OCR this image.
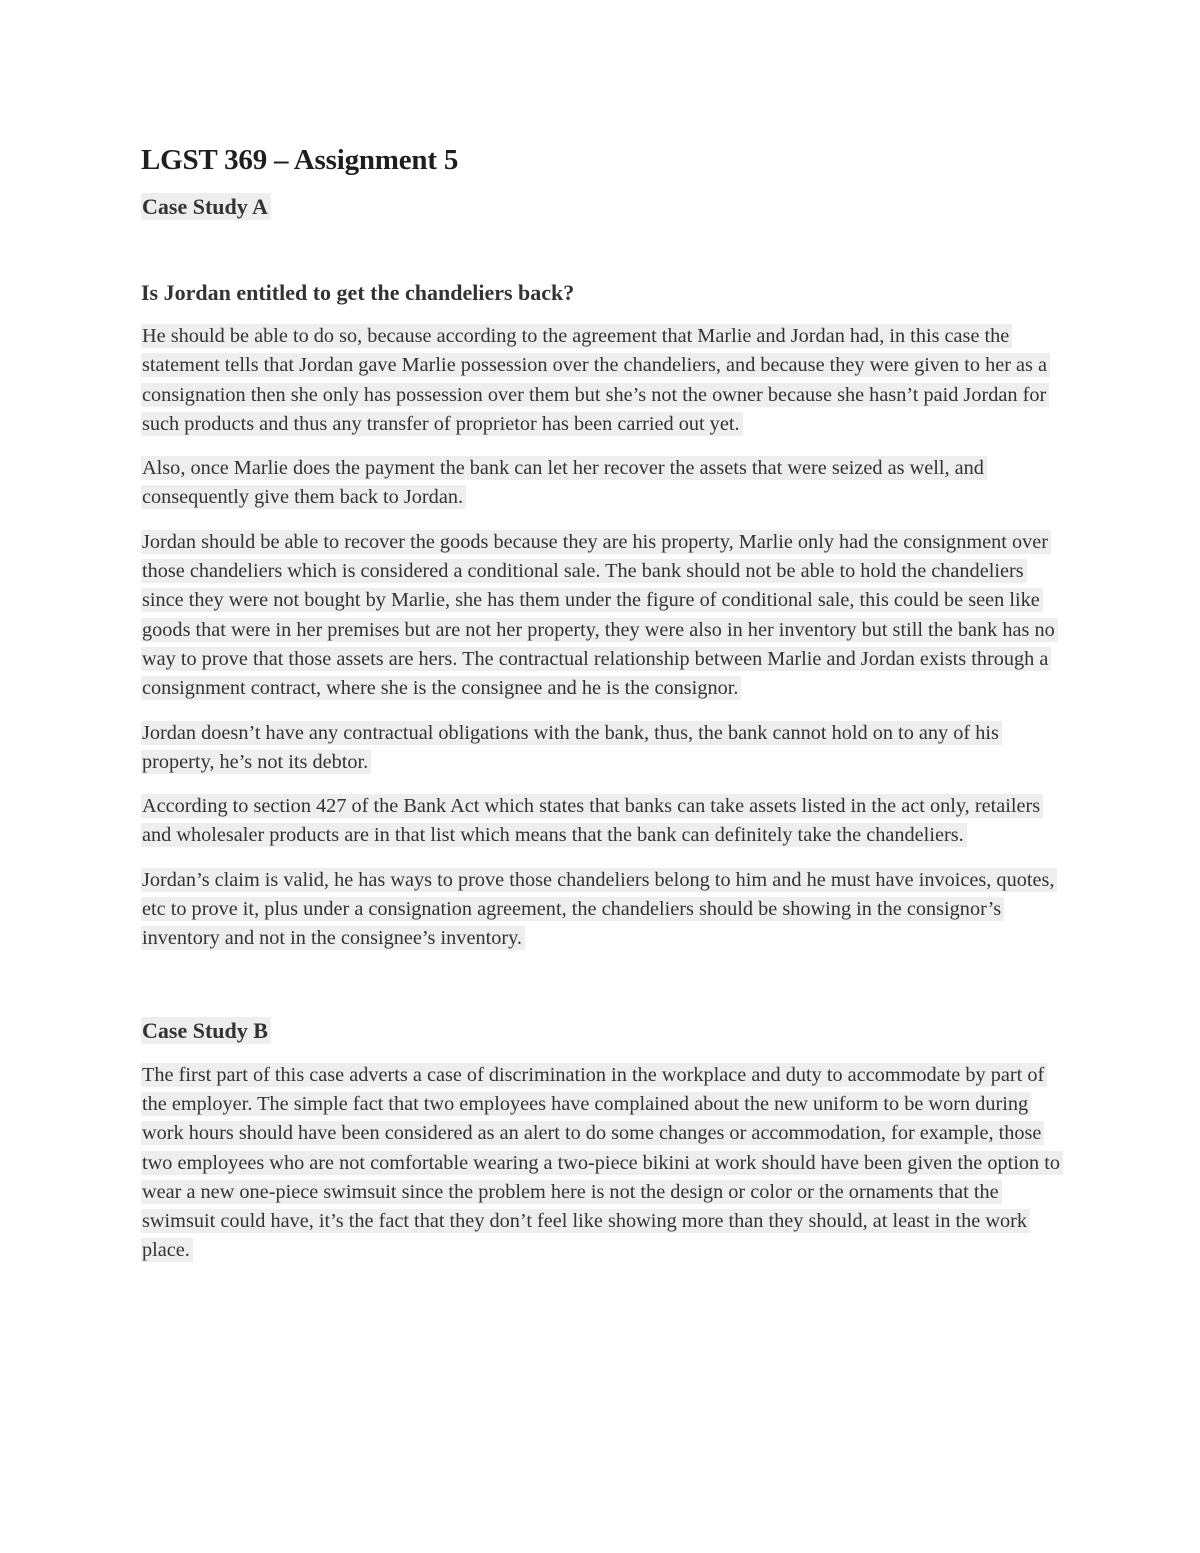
LGST 369 – Assignment 5
Case Study A
Is Jordan entitled to get the chandeliers back?

He should be able to do so, because according to the agreement that Marlie and Jordan had, in this case the statement tells that Jordan gave Marlie possession over the chandeliers, and because they were given to her as a consignation then she only has possession over them but she’s not the owner because she hasn’t paid Jordan for such products and thus any transfer of proprietor has been carried out yet.

Also, once Marlie does the payment the bank can let her recover the assets that were seized as well, and consequently give them back to Jordan.

Jordan should be able to recover the goods because they are his property, Marlie only had the consignment over those chandeliers which is considered a conditional sale. The bank should not be able to hold the chandeliers since they were not bought by Marlie, she has them under the figure of conditional sale, this could be seen like goods that were in her premises but are not her property, they were also in her inventory but still the bank has no way to prove that those assets are hers. The contractual relationship between Marlie and Jordan exists through a consignment contract, where she is the consignee and he is the consignor.

Jordan doesn’t have any contractual obligations with the bank, thus, the bank cannot hold on to any of his property, he’s not its debtor.

According to section 427 of the Bank Act which states that banks can take assets listed in the act only, retailers and wholesaler products are in that list which means that the bank can definitely take the chandeliers.

Jordan’s claim is valid, he has ways to prove those chandeliers belong to him and he must have invoices, quotes, etc to prove it, plus under a consignation agreement, the chandeliers should be showing in the consignor’s inventory and not in the consignee’s inventory.

Case Study B

The first part of this case adverts a case of discrimination in the workplace and duty to accommodate by part of the employer. The simple fact that two employees have complained about the new uniform to be worn during work hours should have been considered as an alert to do some changes or accommodation, for example, those two employees who are not comfortable wearing a two-piece bikini at work should have been given the option to wear a new one-piece swimsuit since the problem here is not the design or color or the ornaments that the swimsuit could have, it’s the fact that they don’t feel like showing more than they should, at least in the work place.
